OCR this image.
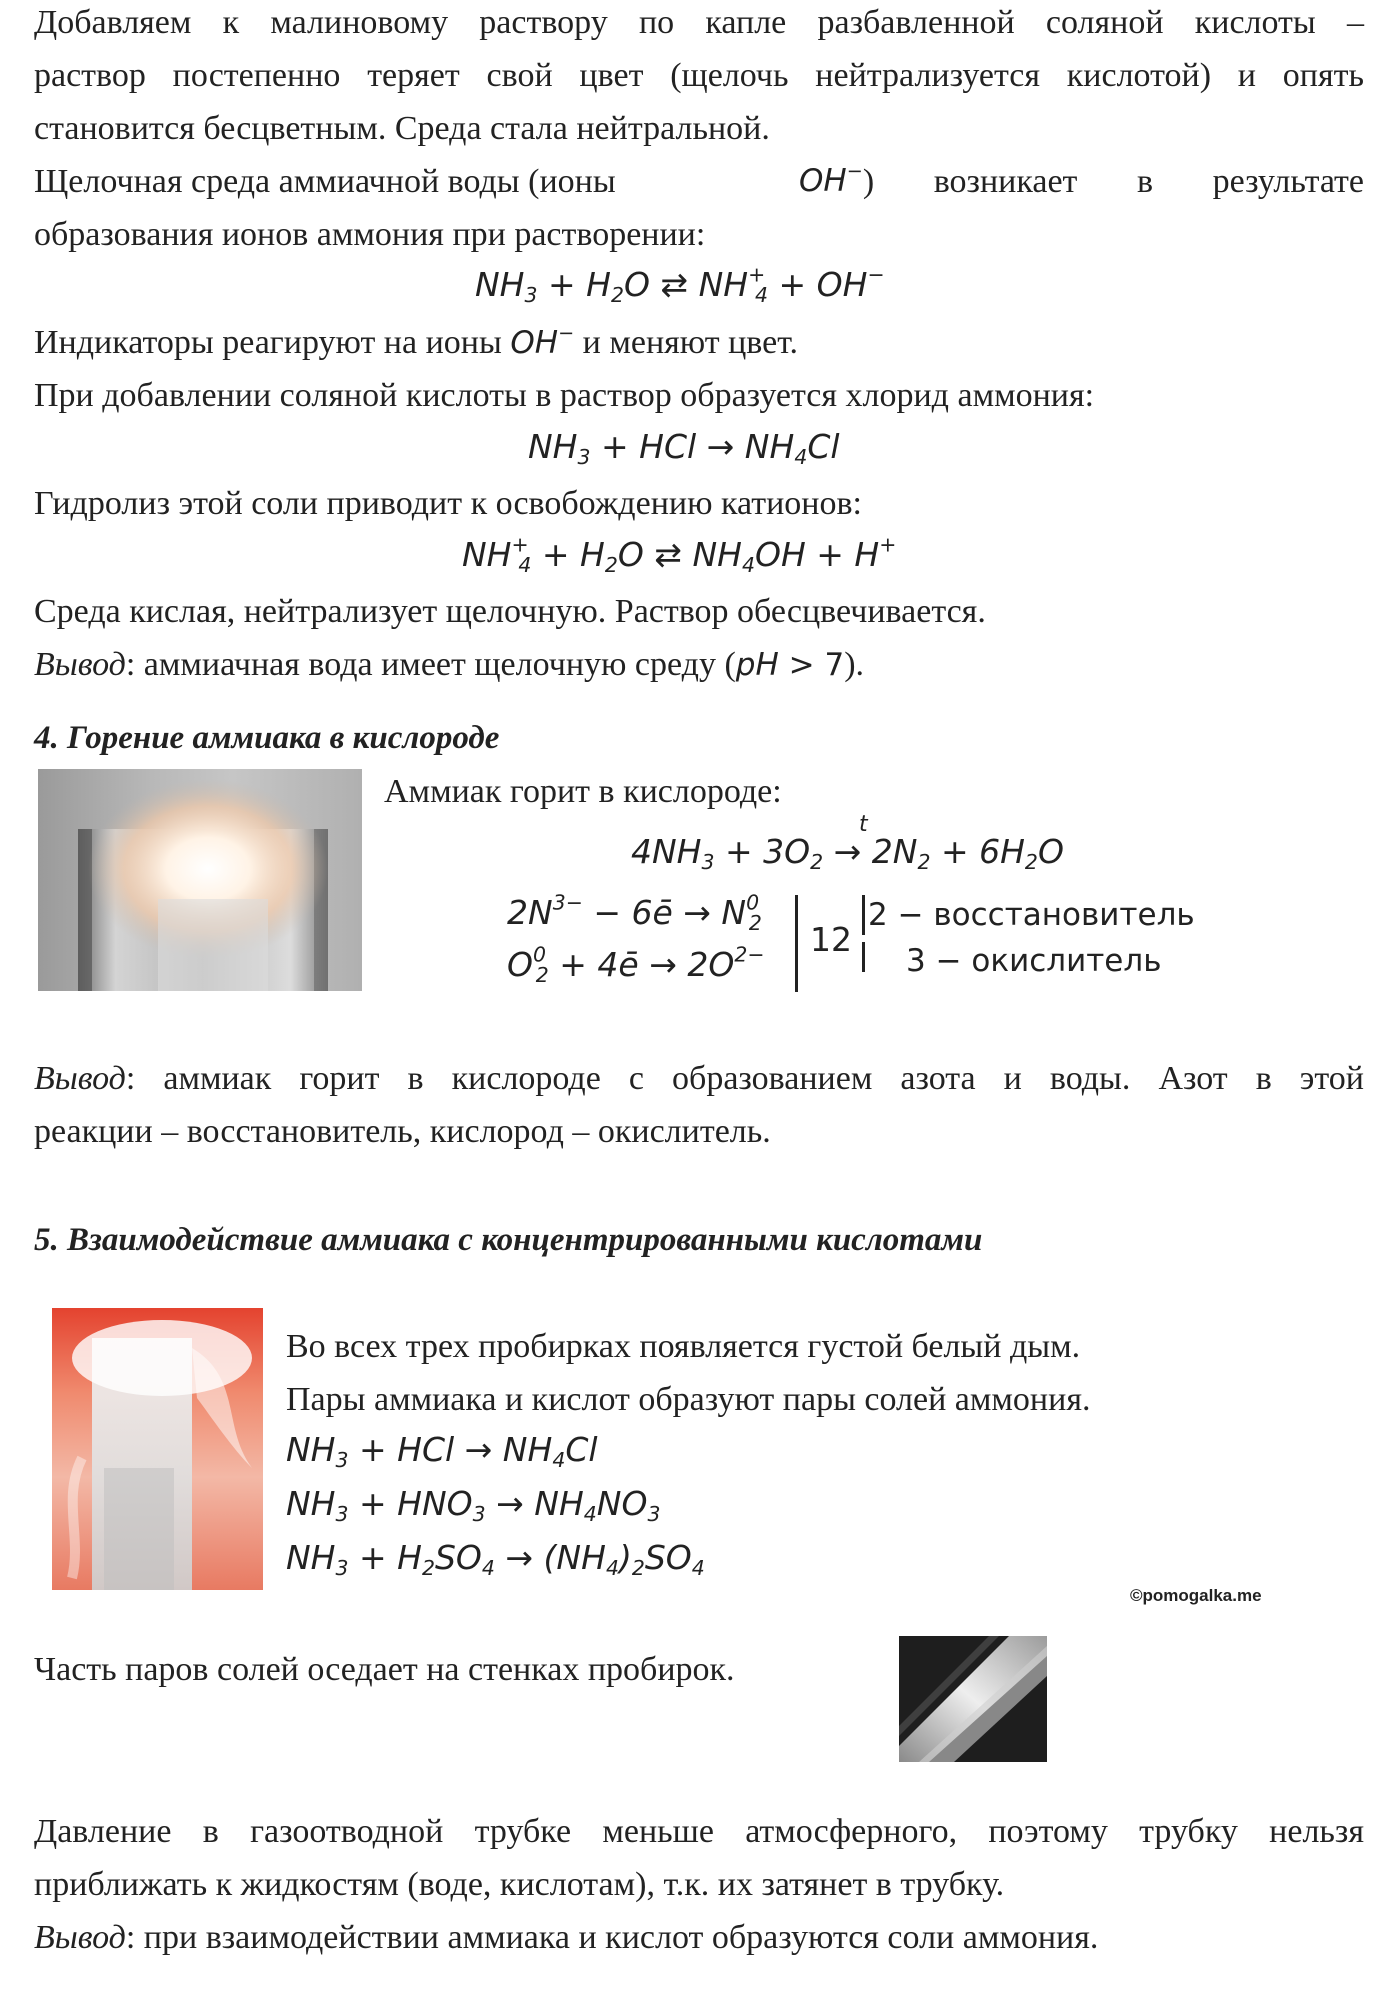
Добавляем к малиновому раствору по капле разбавленной соляной кислоты –

раствор постепенно теряет свой цвет (щелочь нейтрализуется кислотой) и опять

становится бесцветным. Среда стала нейтральной.

Щелочная среда аммиачной воды (ионы	OH− ) возникает в результате

образования ионов аммония при растворении:

$NH_3 + H_2O$ ⇄ $NH^+_4 + OH^-$

Индикаторы реагируют на ионы OH− и меняют цвет.

При добавлении соляной кислоты в раствор образуется хлорид аммония:

$NH_3$ + HCl → $NH_4Cl$

Гидролиз этой соли приводит к освобождению катионов:

$NH^+_4 + H_2O$ ⇄ $NH_4OH + H^+$

Среда кислая, нейтрализует щелочную. Раствор обесцвечивается.

Вывод: аммиачная вода имеет щелочную среду (pH > 7).

4. Горение аммиака в кислороде

Аммиак горит в кислороде:

t
$4NH_3 + 3O_2 \to 2N_2 + 6H_2O$
$2N^{3-}$ − 6ē → $N^0_2$
$O^0_2$ + 4ē → $2O^{2-}$ 12
2 − восстановитель
3 − окислитель

Вывод: аммиак горит в кислороде с образованием азота и воды. Азот в этой

реакции – восстановитель, кислород – окислитель.

5. Взаимодействие аммиака с концентрированными кислотами

Во всех трех пробирках появляется густой белый дым.

Пары аммиака и кислот образуют пары солей аммония.

$NH_3$ + HCl → $NH_4Cl$
$NH_3 + HNO_3 \to NH_4NO_3$
$NH_3 + H_2SO_4 \to (NH_4)_2SO_4$
©pomogalka.me

Часть паров солей оседает на стенках пробирок.

Давление в газоотводной трубке меньше атмосферного, поэтому трубку нельзя

приближать к жидкостям (воде, кислотам), т.к. их затянет в трубку.

Вывод: при взаимодействии аммиака и кислот образуются соли аммония.
